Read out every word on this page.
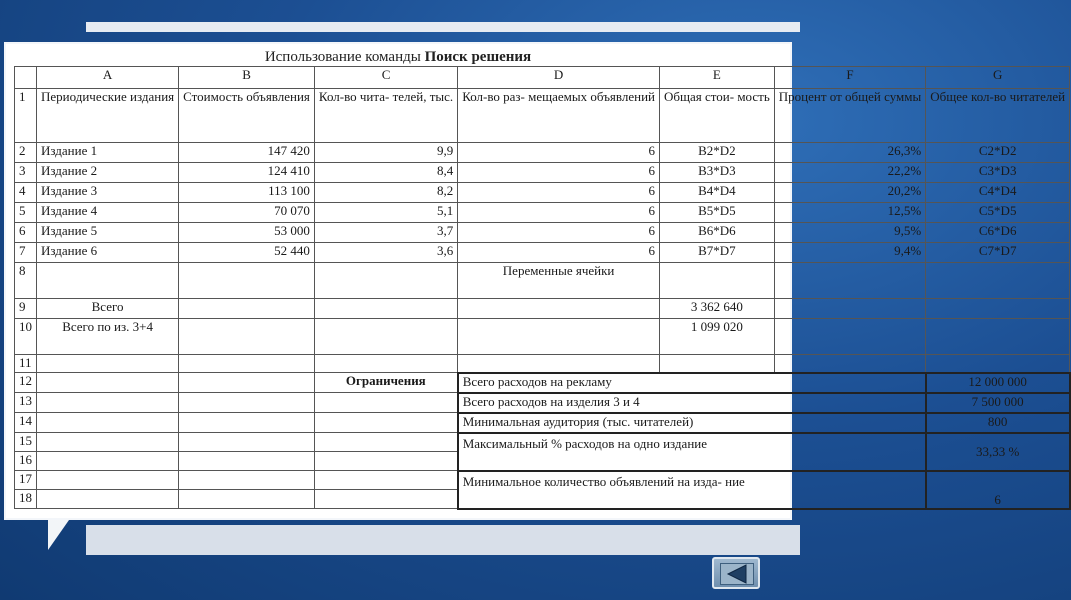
Использование команды Поиск решения
	A	B	C	D	E	F	G
1	Периодические издания	Стоимость объявления	Кол-во чита- телей, тыс.	Кол-во раз- мещаемых объявлений	Общая стои- мость	Процент от общей суммы	Общее кол-во читателей
2	Издание 1	147 420	9,9	6	B2*D2	26,3%	C2*D2
3	Издание 2	124 410	8,4	6	B3*D3	22,2%	C3*D3
4	Издание 3	113 100	8,2	6	B4*D4	20,2%	C4*D4
5	Издание 4	70 070	5,1	6	B5*D5	12,5%	C5*D5
6	Издание 5	53 000	3,7	6	B6*D6	9,5%	C6*D6
7	Издание 6	52 440	3,6	6	B7*D7	9,4%	C7*D7
8				Переменные ячейки			
9	Всего				3 362 640		
10	Всего по из. 3+4				1 099 020		
11							
12			Ограничения	Всего расходов на рекламу			12 000 000
13				Всего расходов на изделия 3 и 4			7 500 000
14				Минимальная аудитория (тыс. читателей)			800
15				Максимальный % расходов на одно издание			33,33 %
16							
17				Минимальное количество объявлений на изда- ние			6
18							
